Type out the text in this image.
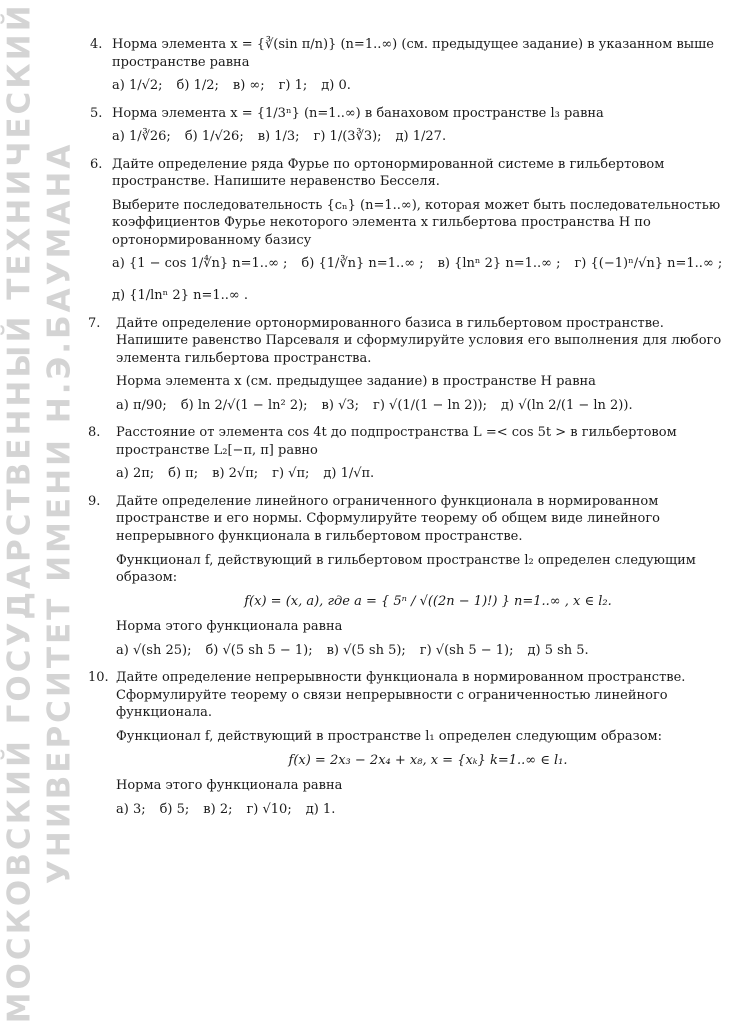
МОСКОВСКИЙ ГОСУДАРСТВЕННЫЙ ТЕХНИЧЕСКИЙ УНИВЕРСИТЕТ ИМЕНИ Н.Э.БАУМАНА
4. Норма элемента x = {∛(sin π/n)} (n=1..∞) (см. предыдущее задание) в указанном выше пространстве равна

а) 1/√2; б) 1/2; в) ∞; г) 1; д) 0.
5. Норма элемента x = {1/3ⁿ} (n=1..∞) в банаховом пространстве l₃ равна

а) 1/∛26; б) 1/√26; в) 1/3; г) 1/(3∛3); д) 1/27.
6. Дайте определение ряда Фурье по ортонормированной системе в гильбертовом пространстве. Напишите неравенство Бесселя.

Выберите последовательность {cₙ} (n=1..∞), которая может быть последовательностью коэффициентов Фурье некоторого элемента x гильбертова пространства H по ортонормированному базису

а) {1 − cos 1/∜n} n=1..∞ ; б) {1/∛n} n=1..∞ ; в) {lnⁿ 2} n=1..∞ ; г) {(−1)ⁿ/√n} n=1..∞ ;
д) {1/lnⁿ 2} n=1..∞ .
7. Дайте определение ортонормированного базиса в гильбертовом пространстве. Напишите равенство Парсеваля и сформулируйте условия его выполнения для любого элемента гильбертова пространства.

Норма элемента x (см. предыдущее задание) в пространстве H равна

а) π/90; б) ln 2/√(1 − ln² 2); в) √3; г) √(1/(1 − ln 2)); д) √(ln 2/(1 − ln 2)).
8. Расстояние от элемента cos 4t до подпространства L =< cos 5t > в гильбертовом пространстве L₂[−π, π] равно

а) 2π; б) π; в) 2√π; г) √π; д) 1/√π.
9. Дайте определение линейного ограниченного функционала в нормированном пространстве и его нормы. Сформулируйте теорему об общем виде линейного непрерывного функционала в гильбертовом пространстве.

Функционал f, действующий в гильбертовом пространстве l₂ определен следующим образом:

f(x) = (x, a), где a = { 5ⁿ / √((2n − 1)!) } n=1..∞ , x ∈ l₂.

Норма этого функционала равна

а) √(sh 25); б) √(5 sh 5 − 1); в) √(5 sh 5); г) √(sh 5 − 1); д) 5 sh 5.
10. Дайте определение непрерывности функционала в нормированном пространстве. Сформулируйте теорему о связи непрерывности с ограниченностью линейного функционала.

Функционал f, действующий в пространстве l₁ определен следующим образом:

f(x) = 2x₃ − 2x₄ + x₈, x = {xₖ} k=1..∞ ∈ l₁.

Норма этого функционала равна

а) 3; б) 5; в) 2; г) √10; д) 1.
